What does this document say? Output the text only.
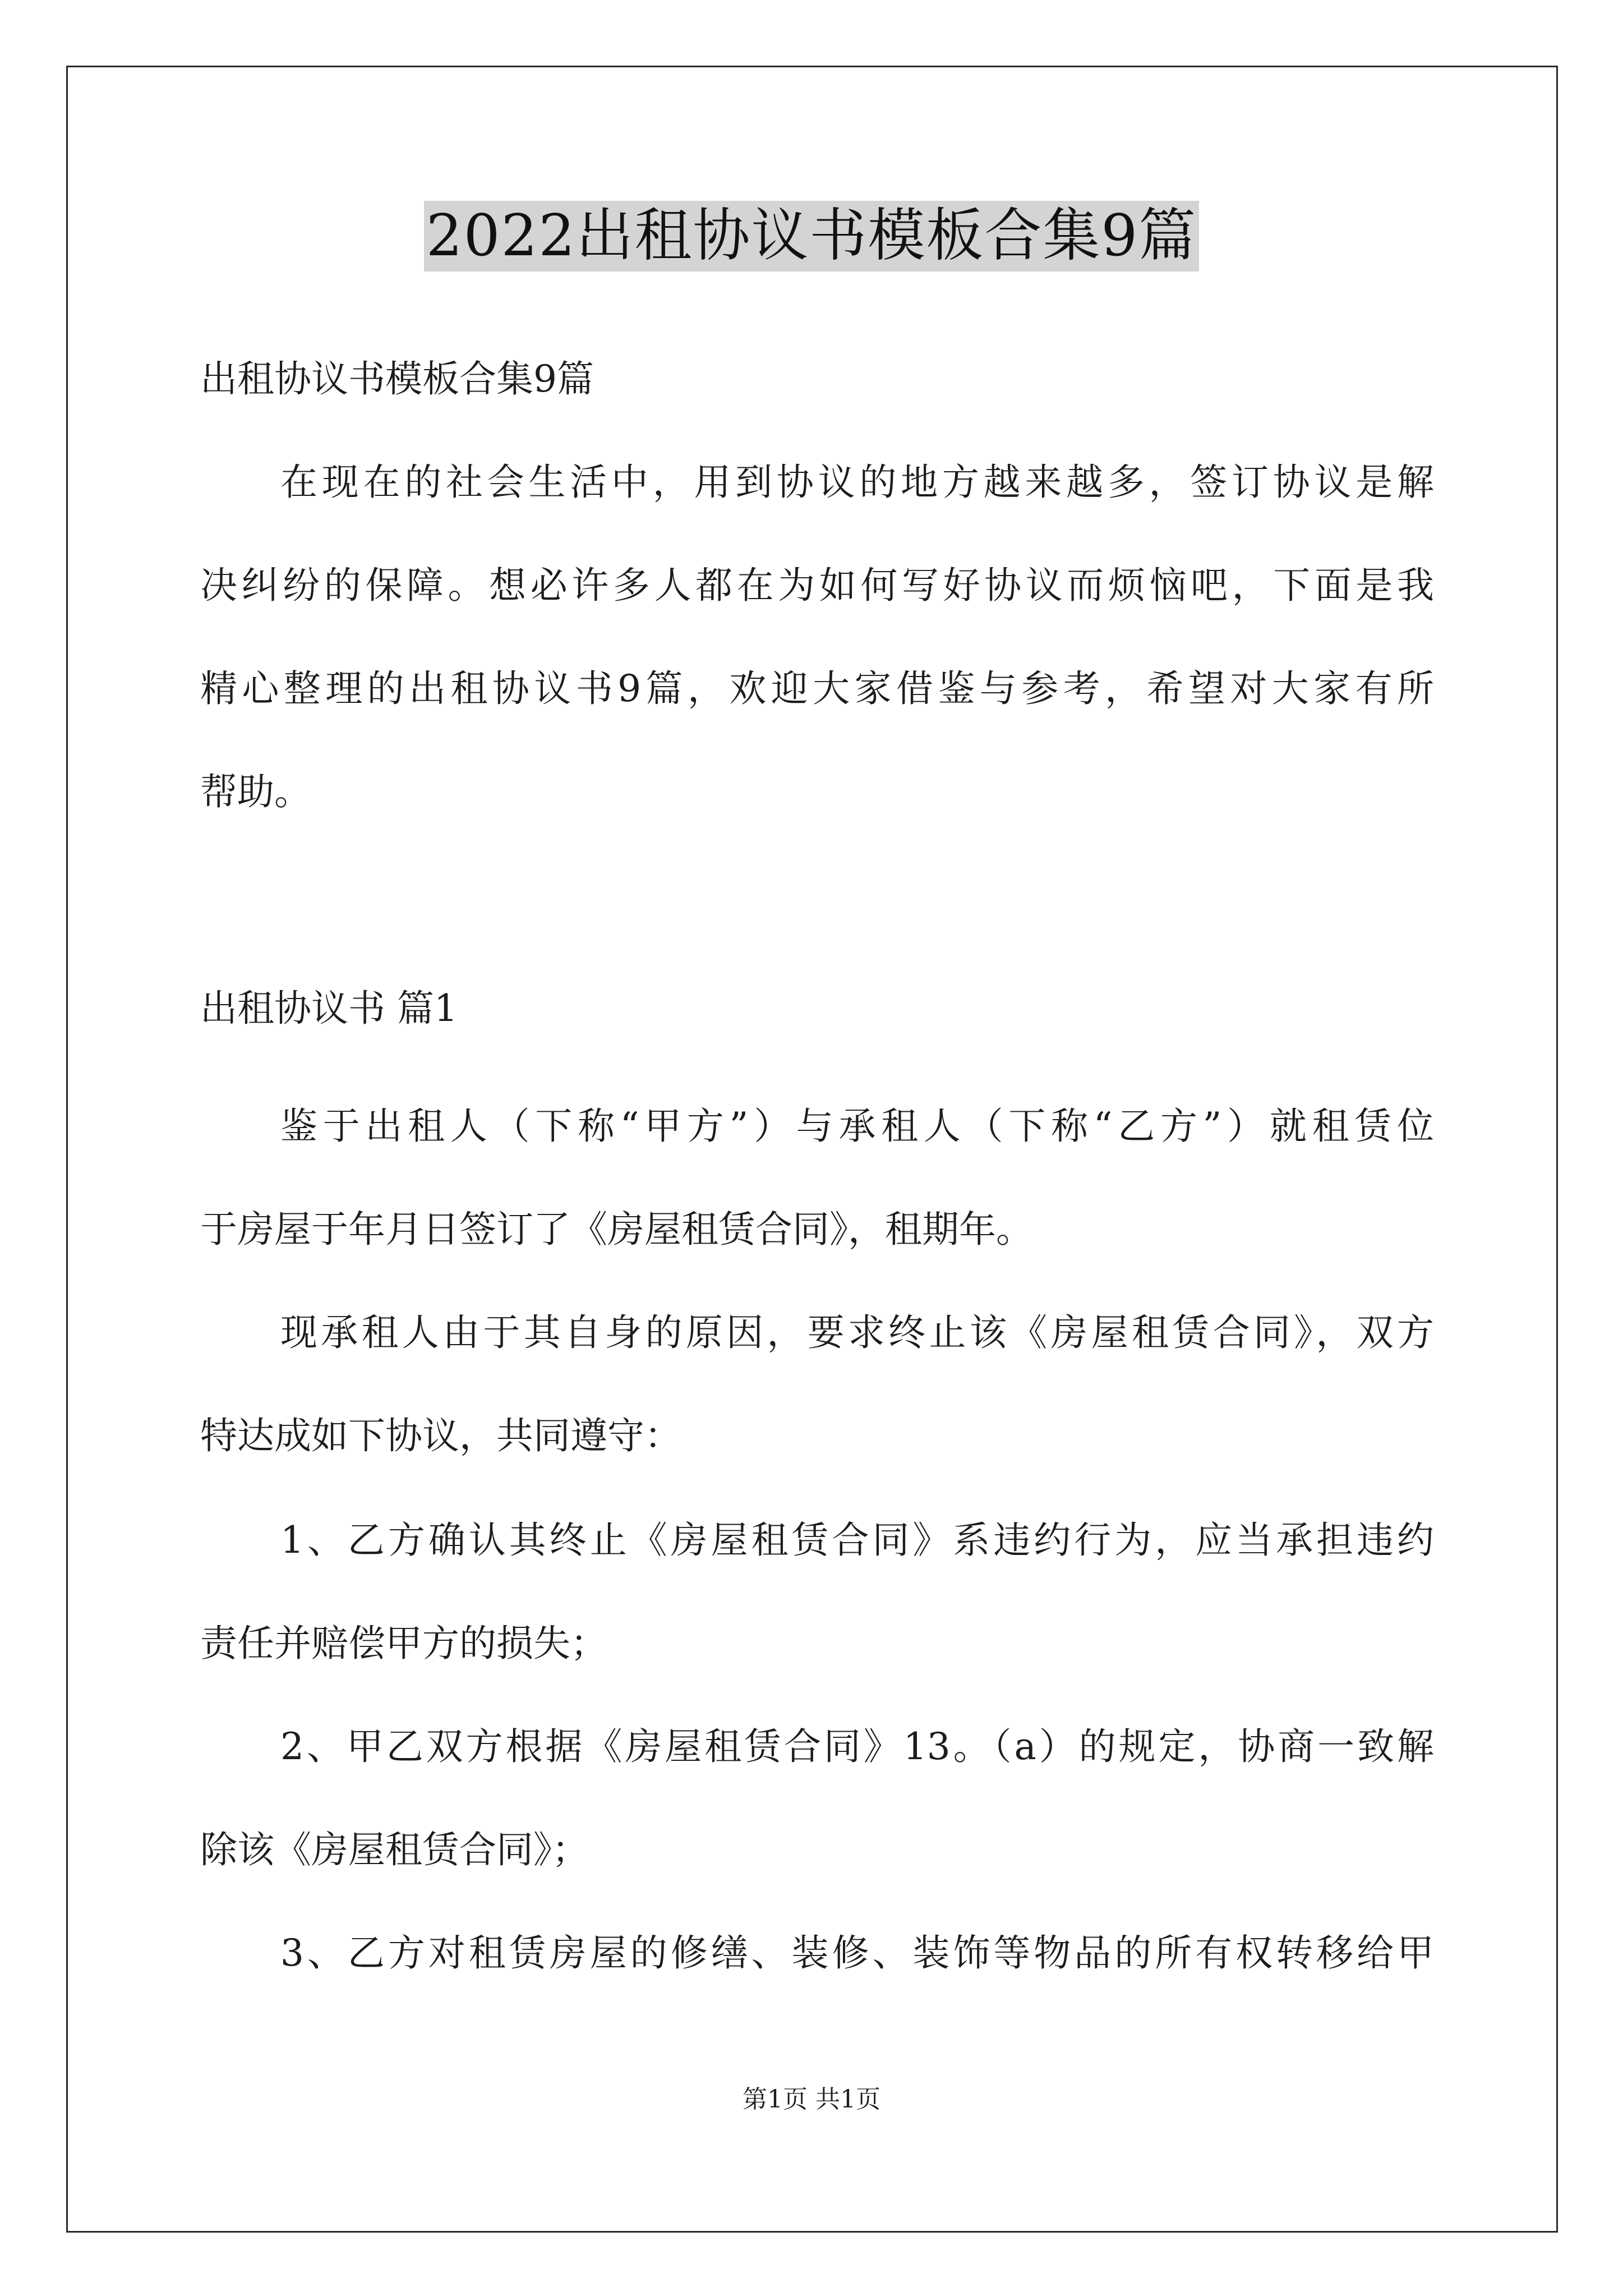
2022出租协议书模板合集9篇
出租协议书模板合集9篇
在现在的社会生活中，用到协议的地方越来越多，签订协议是解
决纠纷的保障。想必许多人都在为如何写好协议而烦恼吧，下面是我
精心整理的出租协议书9篇，欢迎大家借鉴与参考，希望对大家有所
帮助。
出租协议书 篇1
鉴于出租人（下称“甲方”）与承租人（下称“乙方”）就租赁位
于房屋于年月日签订了《房屋租赁合同》，租期年。
现承租人由于其自身的原因，要求终止该《房屋租赁合同》，双方
特达成如下协议，共同遵守：
1、乙方确认其终止《房屋租赁合同》系违约行为，应当承担违约
责任并赔偿甲方的损失；
2、甲乙双方根据《房屋租赁合同》13。（a）的规定，协商一致解
除该《房屋租赁合同》；
3、乙方对租赁房屋的修缮、装修、装饰等物品的所有权转移给甲
第1页 共1页
